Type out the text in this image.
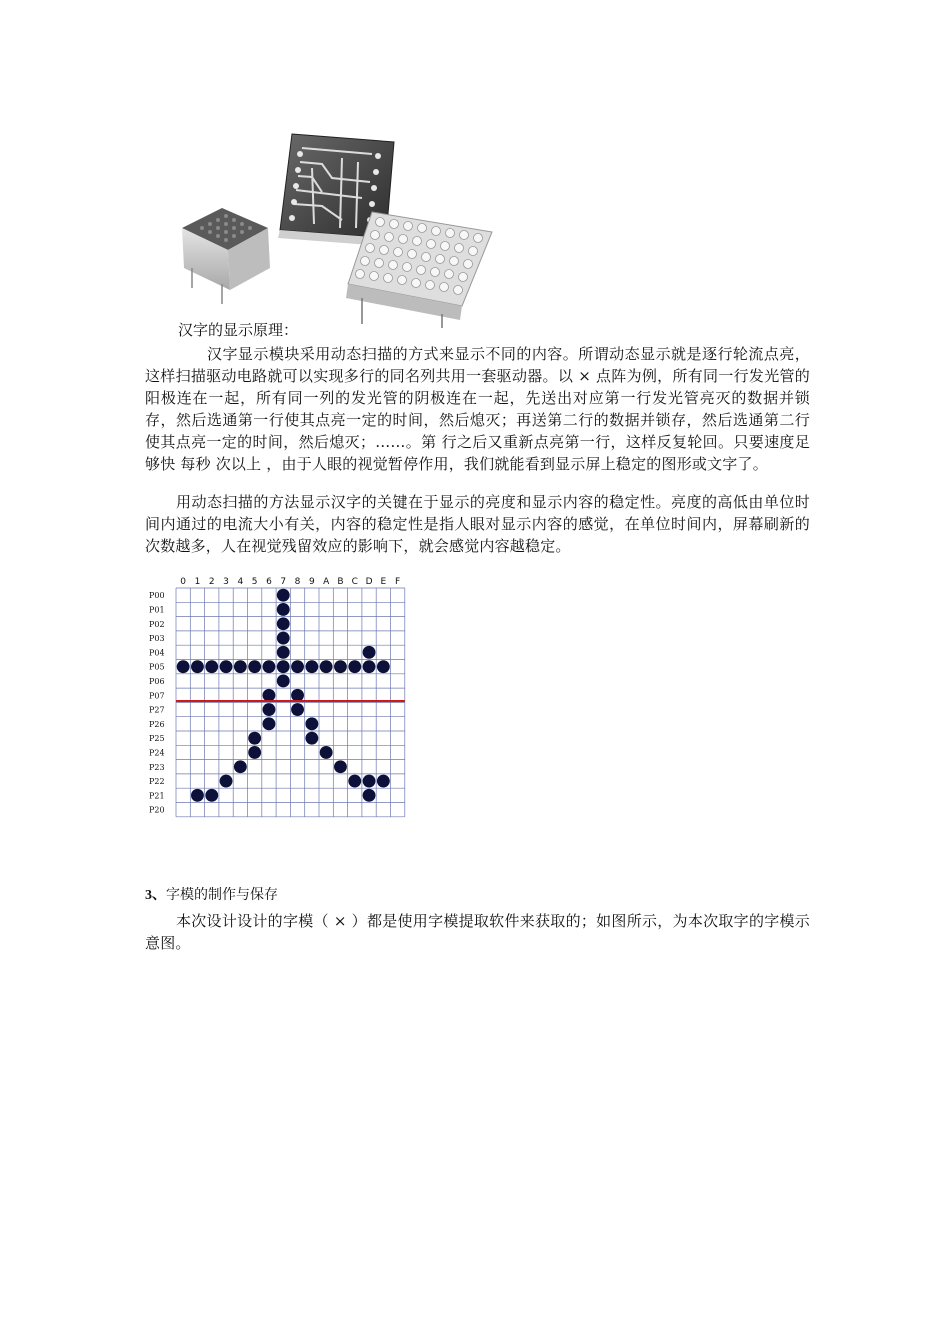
汉字的显示原理：
汉字显示模块采用动态扫描的方式来显示不同的内容。所谓动态显示就是逐行轮流点亮，这样扫描驱动电路就可以实现多行的同名列共用一套驱动器。以 × 点阵为例，所有同一行发光管的阳极连在一起，所有同一列的发光管的阴极连在一起，先送出对应第一行发光管亮灭的数据并锁存，然后选通第一行使其点亮一定的时间，然后熄灭；再送第二行的数据并锁存，然后选通第二行使其点亮一定的时间，然后熄灭；……。第 行之后又重新点亮第一行，这样反复轮回。只要速度足够快 每秒 次以上 ，由于人眼的视觉暂停作用，我们就能看到显示屏上稳定的图形或文字了。
用动态扫描的方法显示汉字的关键在于显示的亮度和显示内容的稳定性。亮度的高低由单位时间内通过的电流大小有关，内容的稳定性是指人眼对显示内容的感觉，在单位时间内，屏幕刷新的次数越多，人在视觉残留效应的影响下，就会感觉内容越稳定。
0 1 2 3 4 5 6 7 8 9 A B C D E F
P00
P01
P02
P03
P04
P05
P06
P07
P27
P26
P25
P24
P23
P22
P21
P20
3、字模的制作与保存
本次设计设计的字模（ × ）都是使用字模提取软件来获取的；如图所示，为本次取字的字模示意图。
